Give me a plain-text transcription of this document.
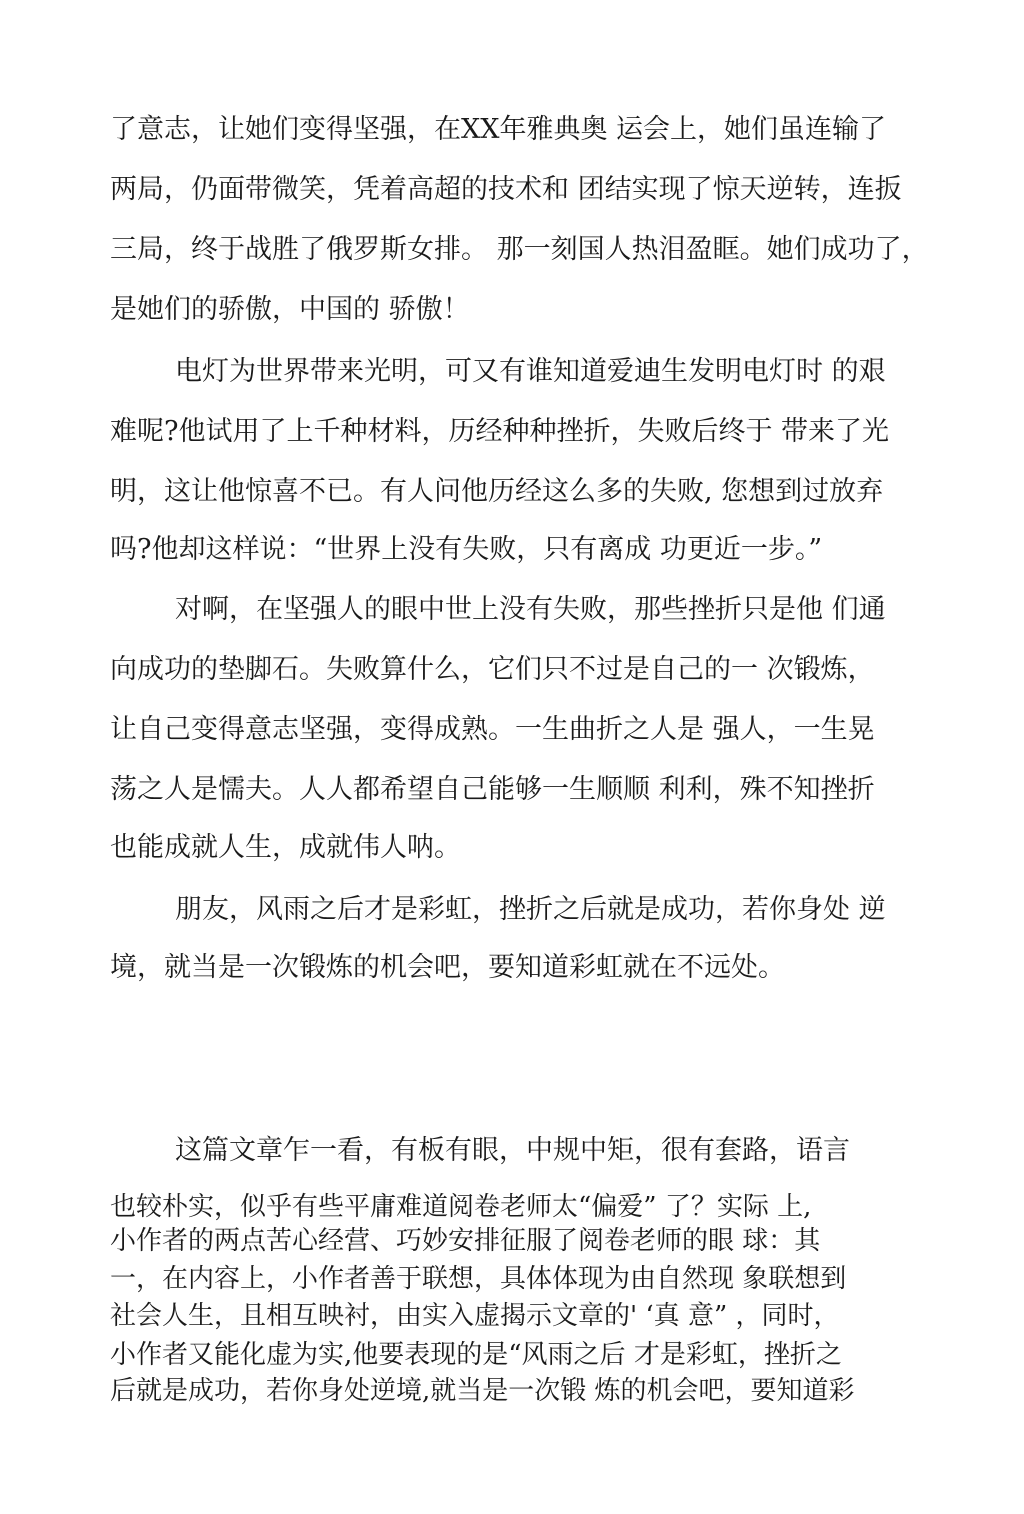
了意志，让她们变得坚强，在XX年雅典奥 运会上，她们虽连输了
两局，仍面带微笑，凭着高超的技术和 团结实现了惊天逆转，连扳
三局，终于战胜了俄罗斯女排。 那一刻国人热泪盈眶。她们成功了，
是她们的骄傲，中国的 骄傲！
电灯为世界带来光明，可又有谁知道爱迪生发明电灯时 的艰
难呢?他试用了上千种材料，历经种种挫折，失败后终于 带来了光
明，这让他惊喜不已。有人问他历经这么多的失败, 您想到过放弃
吗?他却这样说：“世界上没有失败，只有离成 功更近一步。”
对啊，在坚强人的眼中世上没有失败，那些挫折只是他 们通
向成功的垫脚石。失败算什么，它们只不过是自己的一 次锻炼，
让自己变得意志坚强，变得成熟。一生曲折之人是 强人，一生晃
荡之人是懦夫。人人都希望自己能够一生顺顺 利利，殊不知挫折
也能成就人生，成就伟人呐。
朋友，风雨之后才是彩虹，挫折之后就是成功，若你身处 逆
境，就当是一次锻炼的机会吧，要知道彩虹就在不远处。
这篇文章乍一看，有板有眼，中规中矩，很有套路，语言
也较朴实，似乎有些平庸难道阅卷老师太“偏爱” 了？实际 上,
小作者的两点苦心经营、巧妙安排征服了阅卷老师的眼 球：其
一，在内容上，小作者善于联想，具体体现为由自然现 象联想到
社会人生，且相互映衬，由实入虚揭示文章的' ‘真 意” ，同时，
小作者又能化虚为实,他要表现的是“风雨之后 才是彩虹，挫折之
后就是成功，若你身处逆境,就当是一次锻 炼的机会吧，要知道彩
